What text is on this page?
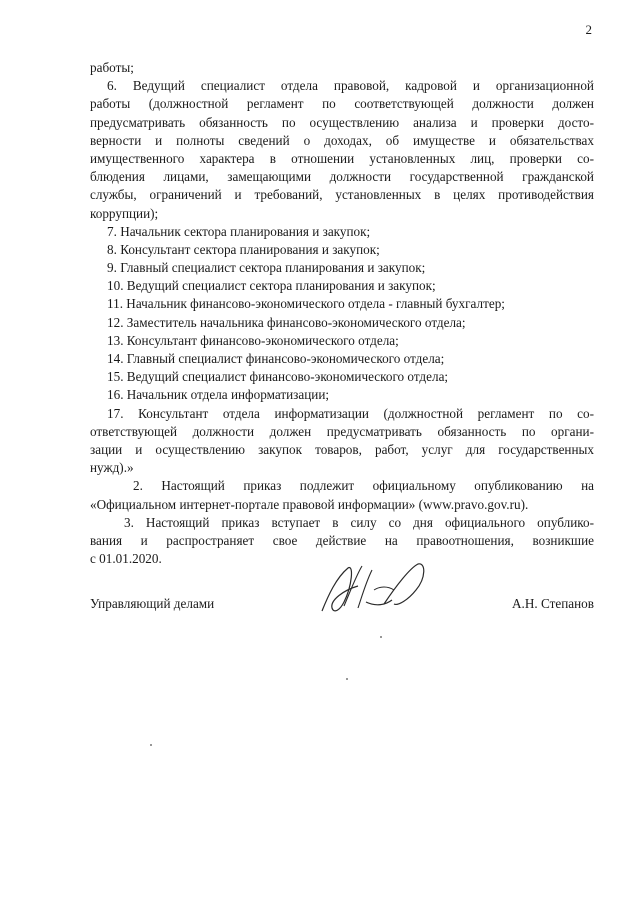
2
работы;
6. Ведущий специалист отдела правовой, кадровой и организационной
работы (должностной регламент по соответствующей должности должен
предусматривать обязанность по осуществлению анализа и проверки досто-
верности и полноты сведений о доходах, об имуществе и обязательствах
имущественного характера в отношении установленных лиц, проверки со-
блюдения лицами, замещающими должности государственной гражданской
службы, ограничений и требований, установленных в целях противодействия
коррупции);
7. Начальник сектора планирования и закупок;
8. Консультант сектора планирования и закупок;
9. Главный специалист сектора планирования и закупок;
10. Ведущий специалист сектора планирования и закупок;
11. Начальник финансово-экономического отдела - главный бухгалтер;
12. Заместитель начальника финансово-экономического отдела;
13. Консультант финансово-экономического отдела;
14. Главный специалист финансово-экономического отдела;
15. Ведущий специалист финансово-экономического отдела;
16. Начальник отдела информатизации;
17. Консультант отдела информатизации (должностной регламент по со-
ответствующей должности должен предусматривать обязанность по органи-
зации и осуществлению закупок товаров, работ, услуг для государственных
нужд).»
2. Настоящий приказ подлежит официальному опубликованию на
«Официальном интернет-портале правовой информации» (www.pravo.gov.ru).
3. Настоящий приказ вступает в силу со дня официального опублико-
вания и распространяет свое действие на правоотношения, возникшие
с 01.01.2020.
Управляющий делами	А.Н. Степанов
